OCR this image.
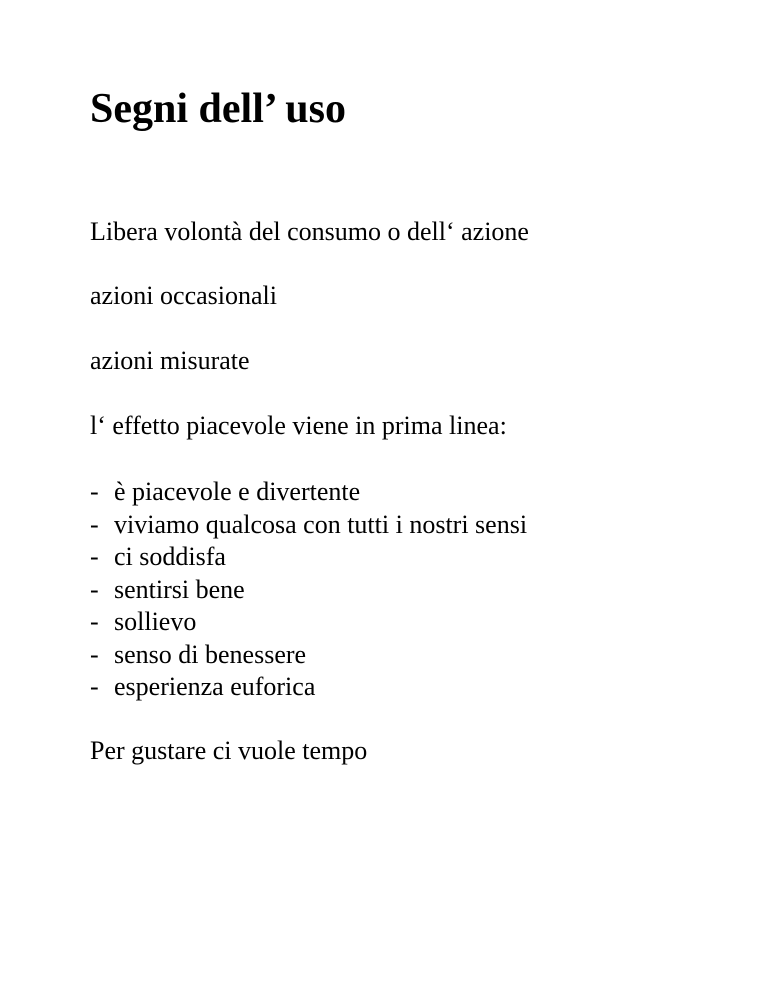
Segni dell’ uso

Libera volontà del consumo o dell‘ azione

azioni occasionali

azioni misurate

l‘ effetto piacevole viene in prima linea:

- è piacevole e divertente
- viviamo qualcosa con tutti i nostri sensi
- ci soddisfa
- sentirsi bene
- sollievo
- senso di benessere
- esperienza euforica

Per gustare ci vuole tempo
